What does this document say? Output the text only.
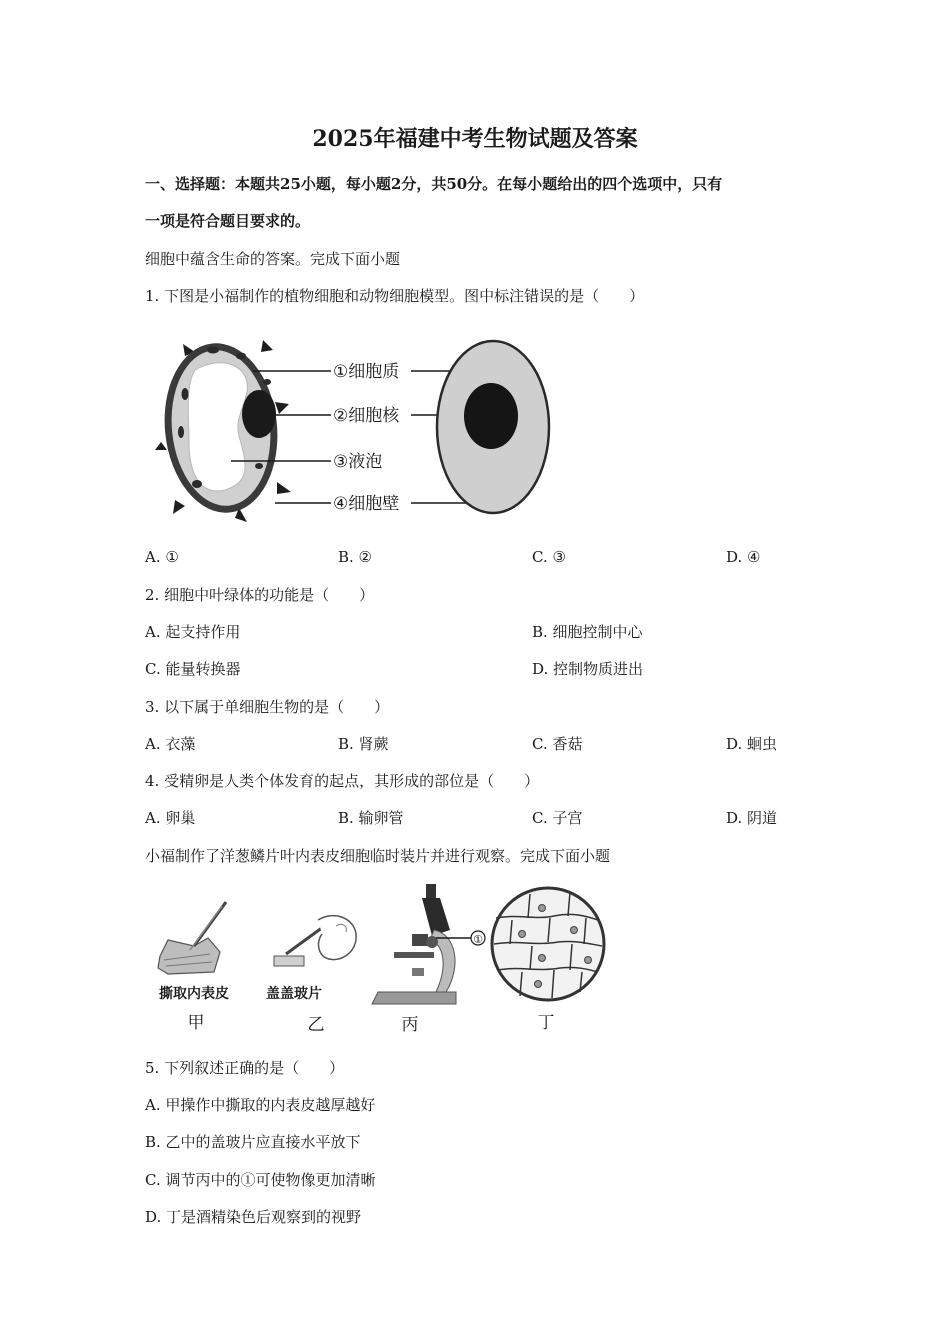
2025年福建中考生物试题及答案
一、选择题：本题共25小题，每小题2分，共50分。在每小题给出的四个选项中，只有
一项是符合题目要求的。
细胞中蕴含生命的答案。完成下面小题
1. 下图是小福制作的植物细胞和动物细胞模型。图中标注错误的是（　　）
①细胞质
②细胞核
③液泡
④细胞壁
A. ①	B. ②	C. ③	D. ④
2. 细胞中叶绿体的功能是（　　）
A. 起支持作用	B. 细胞控制中心
C. 能量转换器	D. 控制物质进出
3. 以下属于单细胞生物的是（　　）
A. 衣藻	B. 肾蕨	C. 香菇	D. 蛔虫
4. 受精卵是人类个体发育的起点，其形成的部位是（　　）
A. 卵巢	B. 输卵管	C. 子宫	D. 阴道
小福制作了洋葱鳞片叶内表皮细胞临时装片并进行观察。完成下面小题
①
撕取内表皮	盖盖玻片
甲	乙	丙	丁
5. 下列叙述正确的是（　　）
A. 甲操作中撕取的内表皮越厚越好
B. 乙中的盖玻片应直接水平放下
C. 调节丙中的①可使物像更加清晰
D. 丁是酒精染色后观察到的视野
